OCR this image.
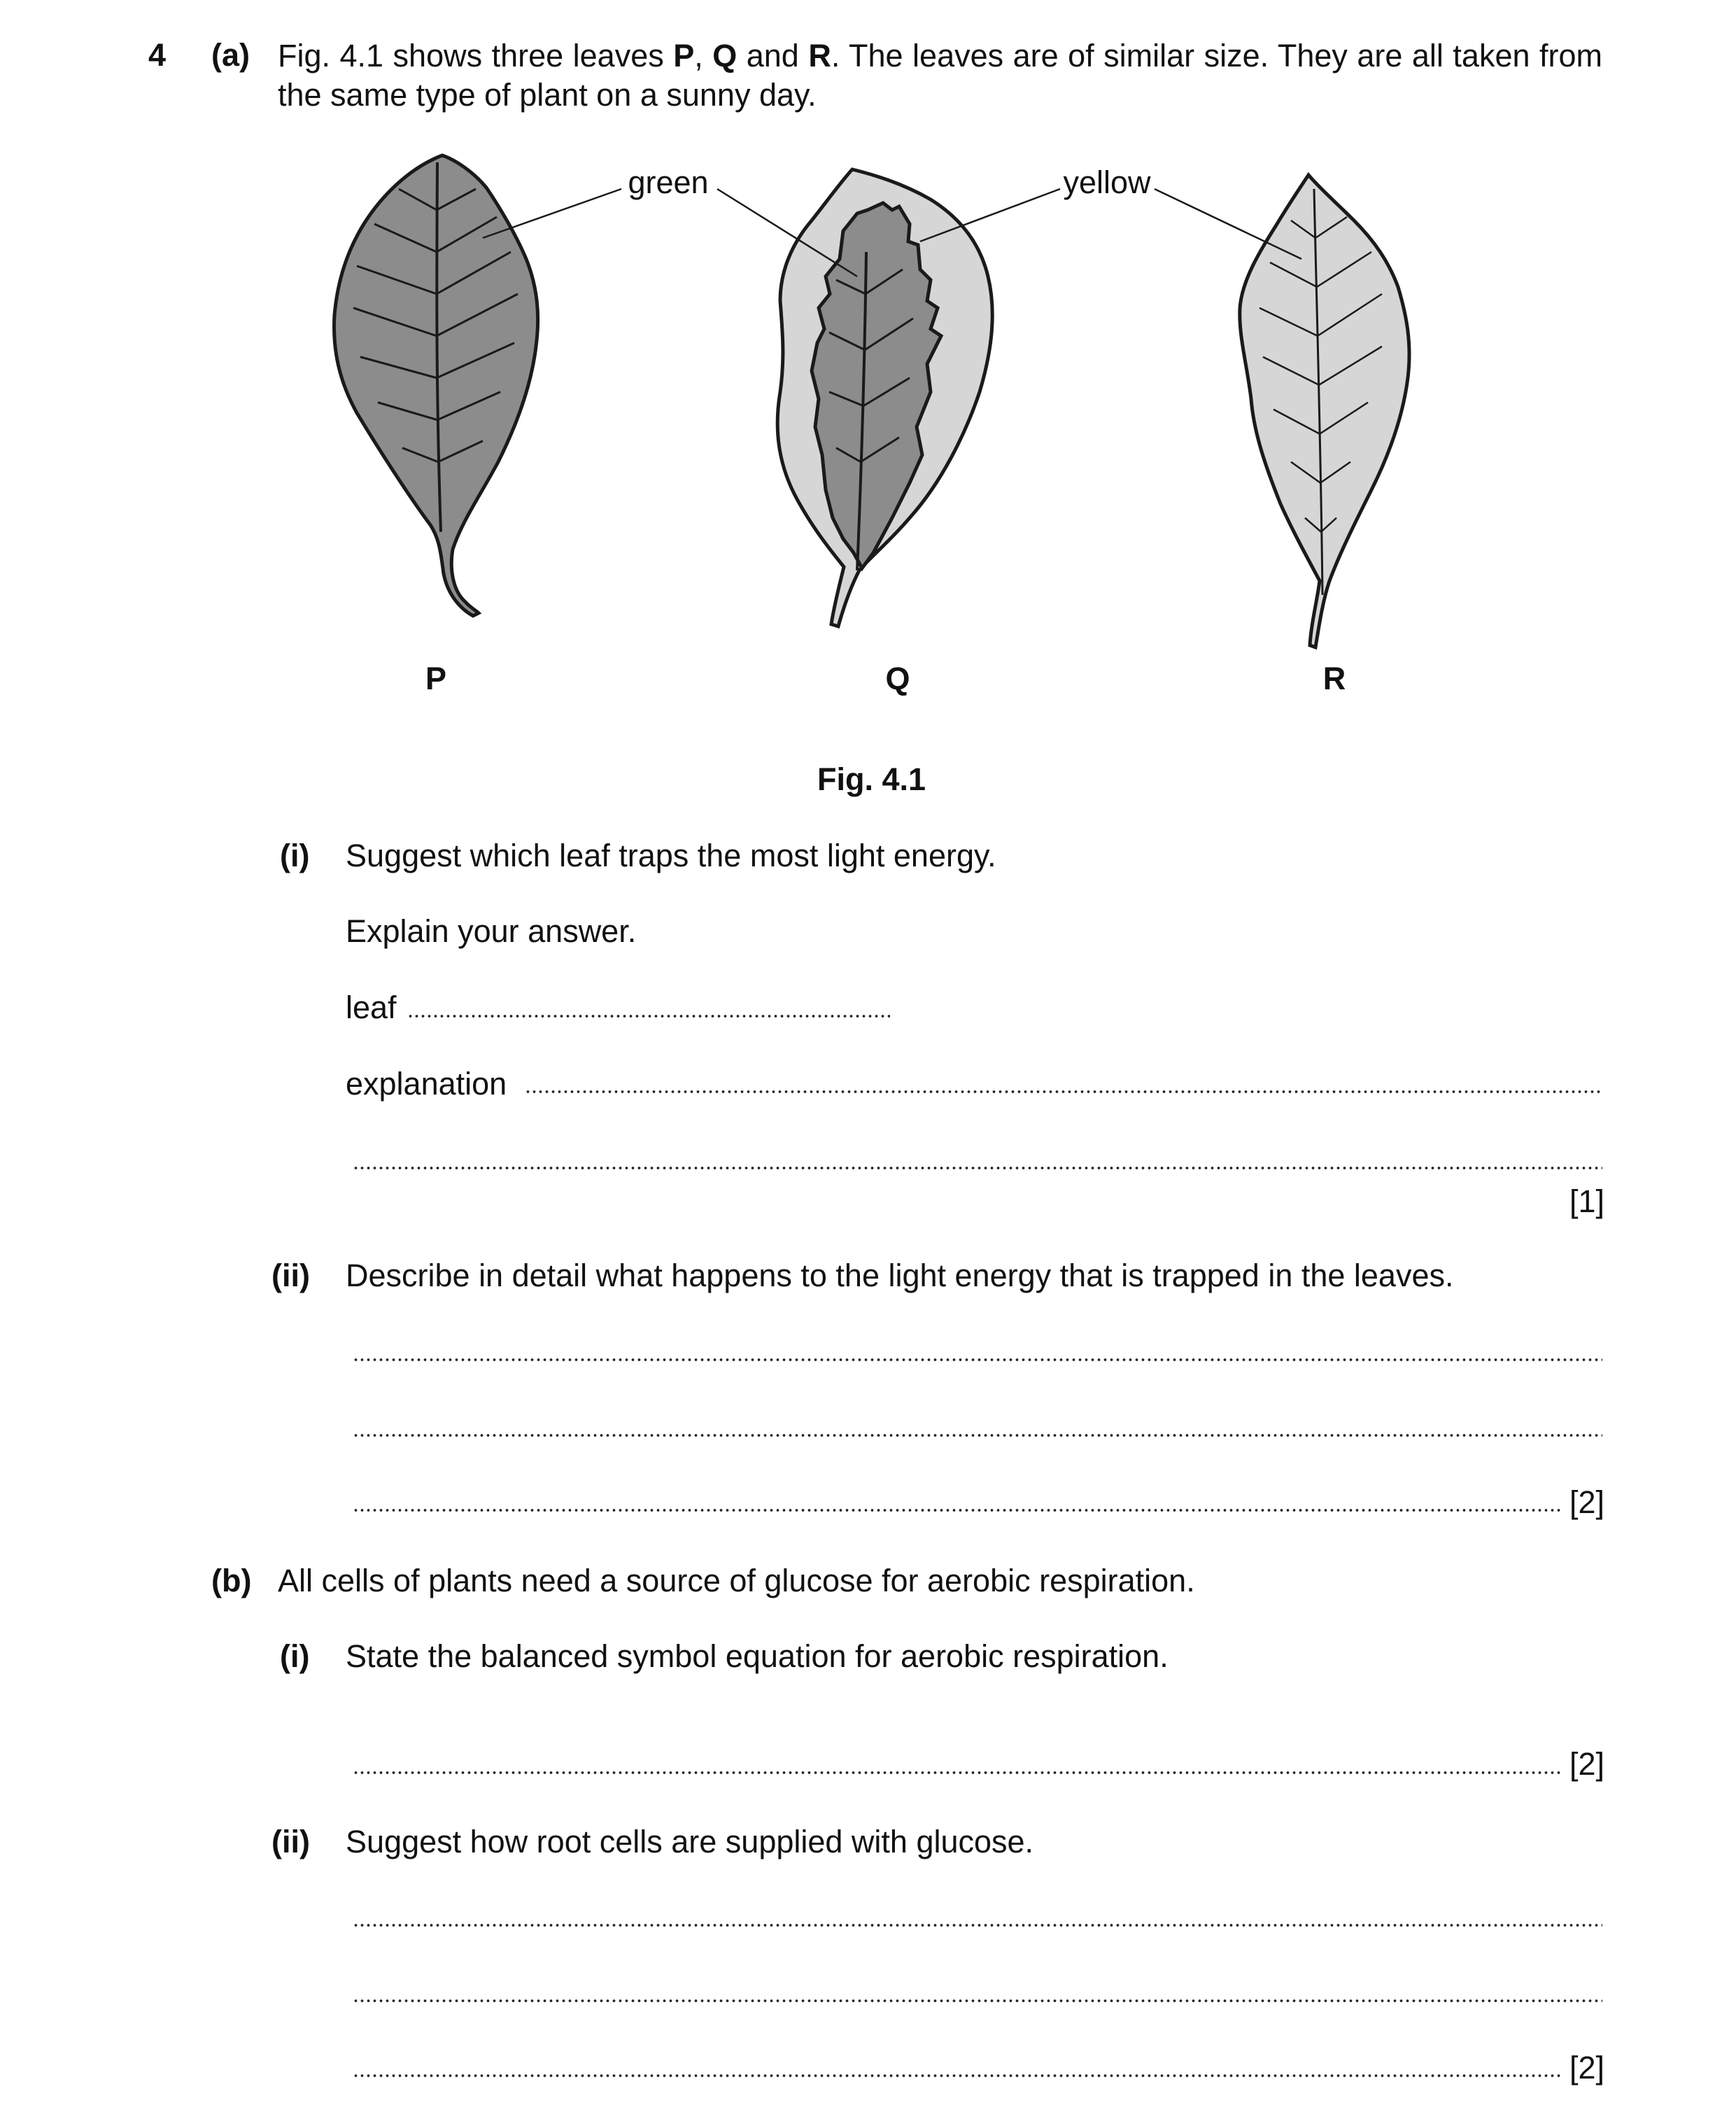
4 (a) Fig. 4.1 shows three leaves P, Q and R. The leaves are of similar size. They are all taken from the same type of plant on a sunny day.
green	yellow
P	Q	R
Fig. 4.1
(i) Suggest which leaf traps the most light energy.
Explain your answer.
leaf
explanation
[1]
(ii) Describe in detail what happens to the light energy that is trapped in the leaves.
[2]
(b) All cells of plants need a source of glucose for aerobic respiration.
(i) State the balanced symbol equation for aerobic respiration.
[2]
(ii) Suggest how root cells are supplied with glucose.
[2]
